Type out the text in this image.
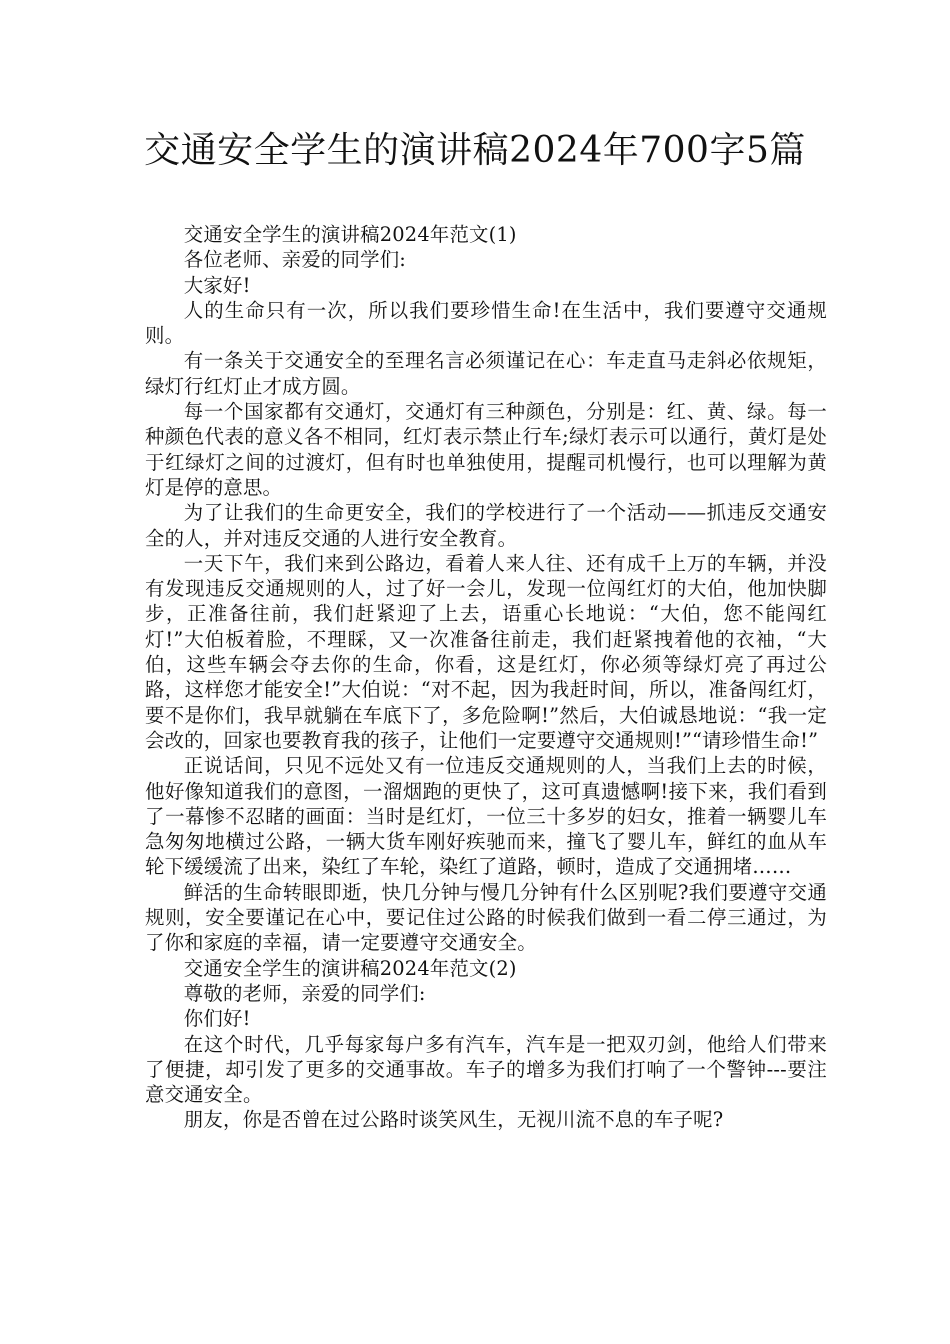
交通安全学生的演讲稿2024年700字5篇

交通安全学生的演讲稿2024年范文(1)

各位老师、亲爱的同学们:

大家好!

人的生命只有一次，所以我们要珍惜生命!在生活中，我们要遵守交通规则。

有一条关于交通安全的至理名言必须谨记在心：车走直马走斜必依规矩，绿灯行红灯止才成方圆。

每一个国家都有交通灯，交通灯有三种颜色，分别是：红、黄、绿。每一种颜色代表的意义各不相同，红灯表示禁止行车;绿灯表示可以通行，黄灯是处于红绿灯之间的过渡灯，但有时也单独使用，提醒司机慢行，也可以理解为黄灯是停的意思。

为了让我们的生命更安全，我们的学校进行了一个活动——抓违反交通安全的人，并对违反交通的人进行安全教育。

一天下午，我们来到公路边，看着人来人往、还有成千上万的车辆，并没有发现违反交通规则的人，过了好一会儿，发现一位闯红灯的大伯，他加快脚步，正准备往前，我们赶紧迎了上去，语重心长地说：“大伯，您不能闯红灯!”大伯板着脸，不理睬，又一次准备往前走，我们赶紧拽着他的衣袖，“大伯，这些车辆会夺去你的生命，你看，这是红灯，你必须等绿灯亮了再过公路，这样您才能安全!”大伯说：“对不起，因为我赶时间，所以，准备闯红灯，要不是你们，我早就躺在车底下了，多危险啊!”然后，大伯诚恳地说：“我一定会改的，回家也要教育我的孩子，让他们一定要遵守交通规则!”“请珍惜生命!”

正说话间，只见不远处又有一位违反交通规则的人，当我们上去的时候，他好像知道我们的意图，一溜烟跑的更快了，这可真遗憾啊!接下来，我们看到了一幕惨不忍睹的画面：当时是红灯，一位三十多岁的妇女，推着一辆婴儿车急匆匆地横过公路，一辆大货车刚好疾驰而来，撞飞了婴儿车，鲜红的血从车轮下缓缓流了出来，染红了车轮，染红了道路，顿时，造成了交通拥堵……

鲜活的生命转眼即逝，快几分钟与慢几分钟有什么区别呢?我们要遵守交通规则，安全要谨记在心中，要记住过公路的时候我们做到一看二停三通过，为了你和家庭的幸福，请一定要遵守交通安全。

交通安全学生的演讲稿2024年范文(2)

尊敬的老师，亲爱的同学们:

你们好!

在这个时代，几乎每家每户多有汽车，汽车是一把双刃剑，他给人们带来了便捷，却引发了更多的交通事故。车子的增多为我们打响了一个警钟---要注意交通安全。

朋友，你是否曾在过公路时谈笑风生，无视川流不息的车子呢?
